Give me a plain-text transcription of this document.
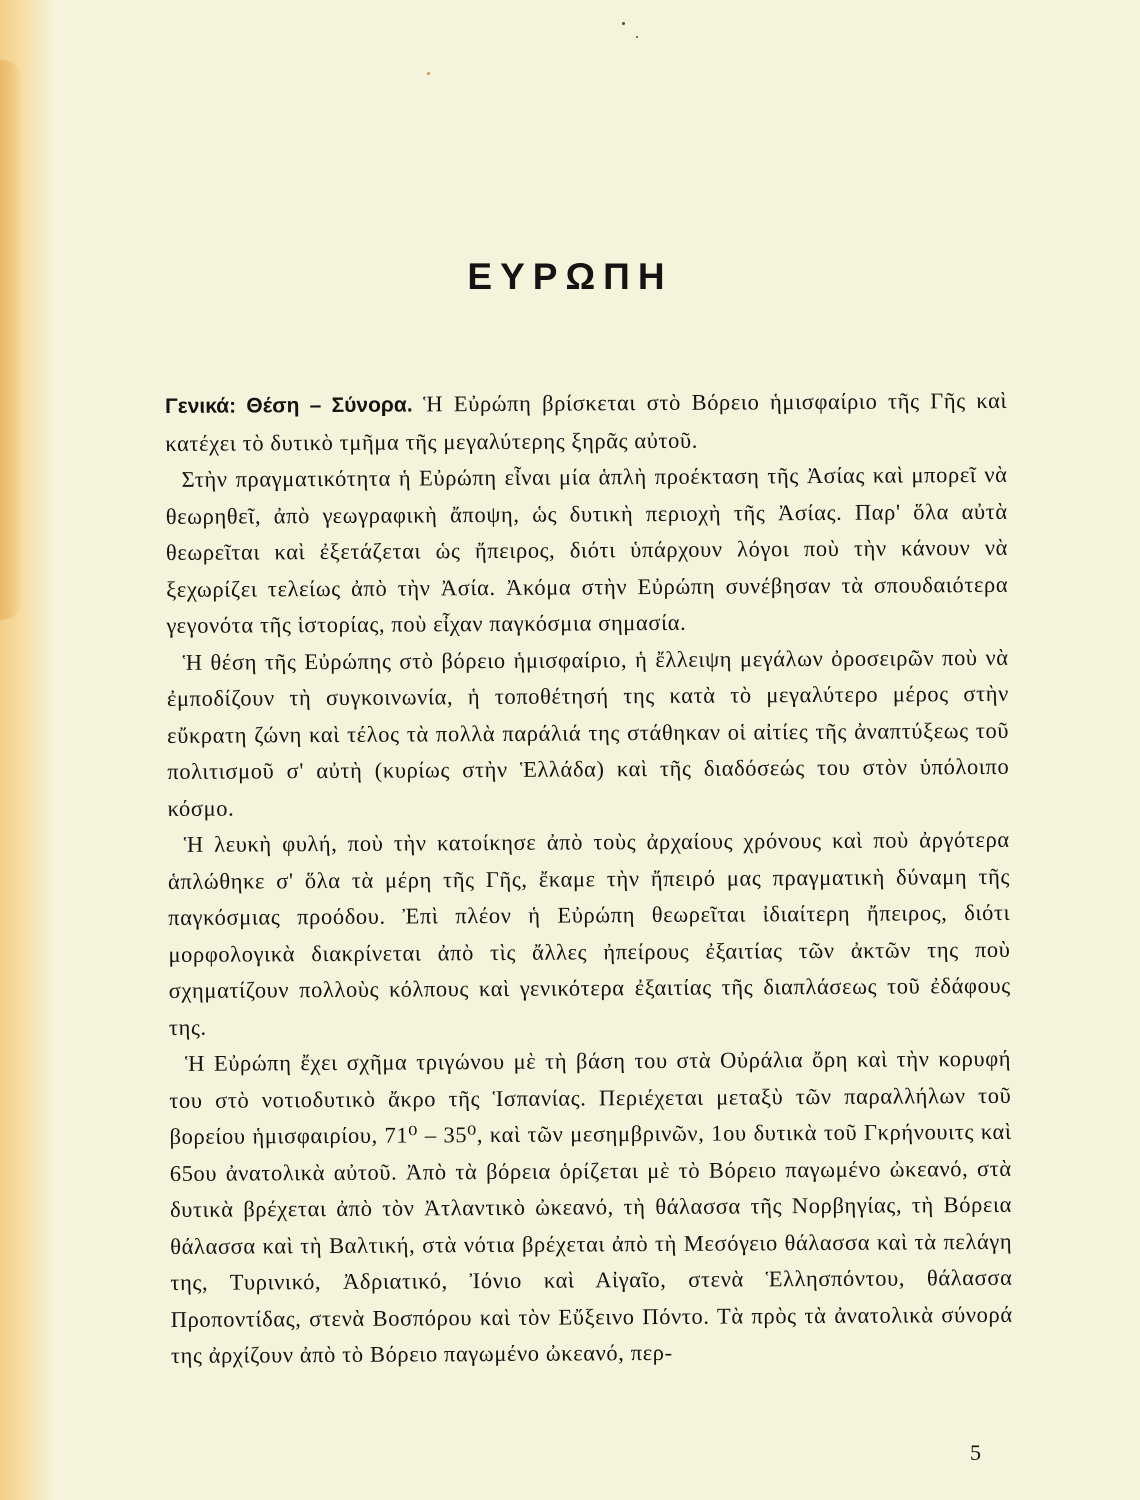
ΕΥΡΩΠΗ

Γενικά: Θέση – Σύνορα. Ἡ Εὐρώπη βρίσκεται στὸ Βόρειο ἡμισφαίριο τῆς Γῆς καὶ κατέχει τὸ δυτικὸ τμῆμα τῆς μεγαλύτερης ξηρᾶς αὐτοῦ.

Στὴν πραγματικότητα ἡ Εὐρώπη εἶναι μία ἁπλὴ προέκταση τῆς Ἀσίας καὶ μπορεῖ νὰ θεωρηθεῖ, ἀπὸ γεωγραφικὴ ἄποψη, ὡς δυτικὴ περιοχὴ τῆς Ἀσίας. Παρ' ὅλα αὐτὰ θεωρεῖται καὶ ἐξετάζεται ὡς ἤπειρος, διότι ὑπάρχουν λόγοι ποὺ τὴν κάνουν νὰ ξεχωρίζει τελείως ἀπὸ τὴν Ἀσία. Ἀκόμα στὴν Εὐρώπη συνέβησαν τὰ σπουδαιότερα γεγονότα τῆς ἱστορίας, ποὺ εἶχαν παγκόσμια σημασία.

Ἡ θέση τῆς Εὐρώπης στὸ βόρειο ἡμισφαίριο, ἡ ἔλλειψη μεγάλων ὀροσειρῶν ποὺ νὰ ἐμποδίζουν τὴ συγκοινωνία, ἡ τοποθέτησή της κατὰ τὸ μεγαλύτερο μέρος στὴν εὔκρατη ζώνη καὶ τέλος τὰ πολλὰ παράλιά της στάθηκαν οἱ αἰτίες τῆς ἀναπτύξεως τοῦ πολιτισμοῦ σ' αὐτὴ (κυρίως στὴν Ἑλλάδα) καὶ τῆς διαδόσεώς του στὸν ὑπόλοιπο κόσμο.

Ἡ λευκὴ φυλή, ποὺ τὴν κατοίκησε ἀπὸ τοὺς ἀρχαίους χρόνους καὶ ποὺ ἀργότερα ἁπλώθηκε σ' ὅλα τὰ μέρη τῆς Γῆς, ἔκαμε τὴν ἤπειρό μας πραγματικὴ δύναμη τῆς παγκόσμιας προόδου. Ἐπὶ πλέον ἡ Εὐρώπη θεωρεῖται ἰδιαίτερη ἤπειρος, διότι μορφολογικὰ διακρίνεται ἀπὸ τὶς ἄλλες ἠπείρους ἐξαιτίας τῶν ἀκτῶν της ποὺ σχηματίζουν πολλοὺς κόλπους καὶ γενικότερα ἐξαιτίας τῆς διαπλάσεως τοῦ ἐδάφους της.

Ἡ Εὐρώπη ἔχει σχῆμα τριγώνου μὲ τὴ βάση του στὰ Οὐράλια ὄρη καὶ τὴν κορυφή του στὸ νοτιοδυτικὸ ἄκρο τῆς Ἱσπανίας. Περιέχεται μεταξὺ τῶν παραλλήλων τοῦ βορείου ἡμισφαιρίου, 71⁰ – 35⁰, καὶ τῶν μεσημβρινῶν, 1ου δυτικὰ τοῦ Γκρήνουιτς καὶ 65ου ἀνατολικὰ αὐτοῦ. Ἀπὸ τὰ βόρεια ὁρίζεται μὲ τὸ Βόρειο παγωμένο ὠκεανό, στὰ δυτικὰ βρέχεται ἀπὸ τὸν Ἀτλαντικὸ ὠκεανό, τὴ θάλασσα τῆς Νορβηγίας, τὴ Βόρεια θάλασσα καὶ τὴ Βαλτική, στὰ νότια βρέχεται ἀπὸ τὴ Μεσόγειο θάλασσα καὶ τὰ πελάγη της, Τυρινικό, Ἀδριατικό, Ἰόνιο καὶ Αἰγαῖο, στενὰ Ἑλλησπόντου, θάλασσα Προποντίδας, στενὰ Βοσπόρου καὶ τὸν Εὔξεινο Πόντο. Τὰ πρὸς τὰ ἀνατολικὰ σύνορά της ἀρχίζουν ἀπὸ τὸ Βόρειο παγωμένο ὠκεανό, περ-

5
